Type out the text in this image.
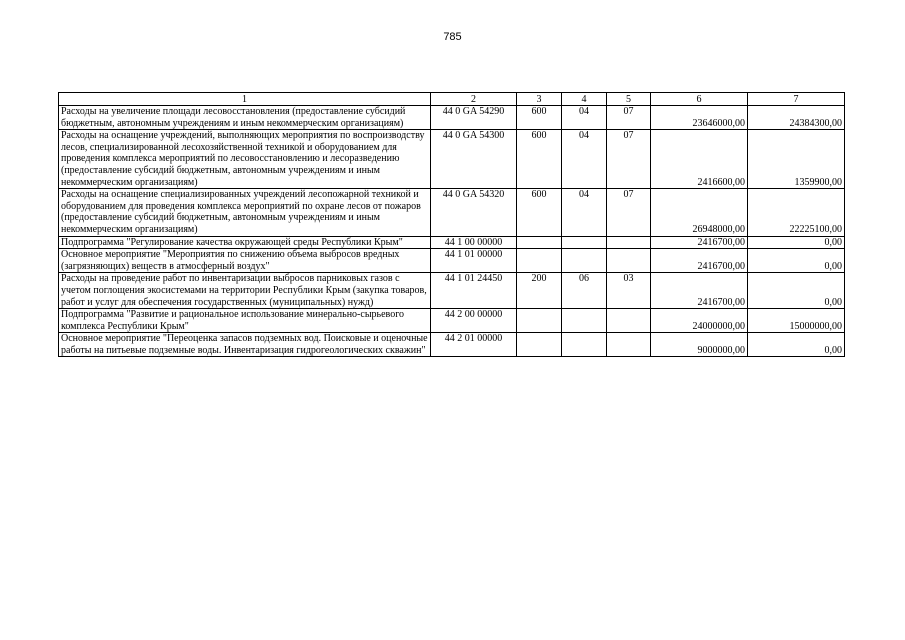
785
1	2	3	4	5	6	7
Расходы на увеличение площади лесовосстановления (предоставление субсидий бюджетным, автономным учреждениям и иным некоммерческим организациям)	44 0 GA 54290	600	04	07	23646000,00	24384300,00
Расходы на оснащение учреждений, выполняющих мероприятия по воспроизводству лесов, специализированной лесохозяйственной техникой и оборудованием для проведения комплекса мероприятий по лесовосстановлению и лесоразведению (предоставление субсидий бюджетным, автономным учреждениям и иным некоммерческим организациям)	44 0 GA 54300	600	04	07	2416600,00	1359900,00
Расходы на оснащение специализированных учреждений лесопожарной техникой и оборудованием для проведения комплекса мероприятий по охране лесов от пожаров (предоставление субсидий бюджетным, автономным учреждениям и иным некоммерческим организациям)	44 0 GA 54320	600	04	07	26948000,00	22225100,00
Подпрограмма "Регулирование качества окружающей среды Республики Крым"	44 1 00 00000				2416700,00	0,00
Основное мероприятие "Мероприятия по снижению объема выбросов вредных (загрязняющих) веществ в атмосферный воздух"	44 1 01 00000				2416700,00	0,00
Расходы на проведение работ по инвентаризации выбросов парниковых газов с учетом поглощения экосистемами на территории Республики Крым (закупка товаров, работ и услуг для обеспечения государственных (муниципальных) нужд)	44 1 01 24450	200	06	03	2416700,00	0,00
Подпрограмма "Развитие и рациональное использование минерально-сырьевого комплекса Республики Крым"	44 2 00 00000				24000000,00	15000000,00
Основное мероприятие "Переоценка запасов подземных вод. Поисковые и оценочные работы на питьевые подземные воды. Инвентаризация гидрогеологических скважин"	44 2 01 00000				9000000,00	0,00
